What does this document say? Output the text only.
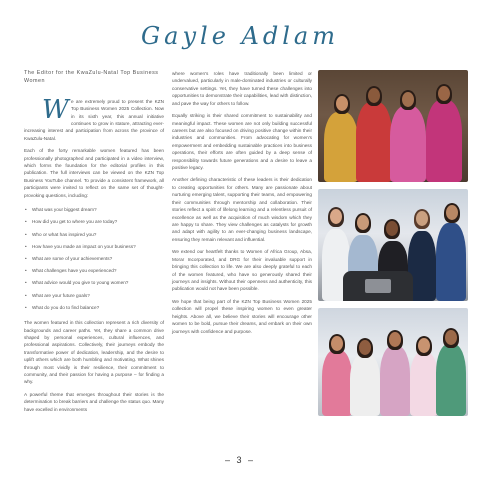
Gayle Adlam
The Editor for the KwaZulu-Natal Top Business Women
W e are extremely proud to present the KZN Top Business Women 2025 Collection. Now in its sixth year, this annual initiative continues to grow in stature, attracting ever-increasing interest and participation from across the province of KwaZulu-Natal.

Each of the forty remarkable women featured has been professionally photographed and participated in a video interview, which forms the foundation for the editorial profiles in this publication. The full interviews can be viewed on the KZN Top Business YouTube channel. To provide a consistent framework, all participants were invited to reflect on the same set of thought-provoking questions, including:

• What was your biggest dream?
• How did you get to where you are today?
• Who or what has inspired you?
• How have you made an impact on your business?
• What are some of your achievements?
• What challenges have you experienced?
• What advice would you give to young women?
• What are your future goals?
• What do you do to find balance?

The women featured in this collection represent a rich diversity of backgrounds and career paths. Yet, they share a common drive shaped by personal experiences, cultural influences, and professional aspirations. Collectively, their journeys embody the transformative power of dedication, leadership, and the desire to uplift others which are both humbling and motivating. What shines through most vividly is their resilience, their commitment to community, and their passion for having a purpose – for finding a why.

A powerful theme that emerges throughout their stories is the determination to break barriers and challenge the status quo. Many have excelled in environments

where women's roles have traditionally been limited or undervalued, particularly in male-dominated industries or culturally conservative settings. Yet, they have turned these challenges into opportunities to demonstrate their capabilities, lead with distinction, and pave the way for others to follow.

Equally striking is their shared commitment to sustainability and meaningful impact. These women are not only building successful careers but are also focused on driving positive change within their industries and communities. From advocating for women's empowerment and embedding sustainable practices into business operations, their efforts are often guided by a deep sense of responsibility towards future generations and a desire to leave a positive legacy.

Another defining characteristic of these leaders is their dedication to creating opportunities for others. Many are passionate about nurturing emerging talent, supporting their teams, and empowering their communities through mentorship and collaboration. Their stories reflect a spirit of lifelong learning and a relentless pursuit of excellence as well as the acquisition of much wisdom which they are happy to share. They view challenges as catalysts for growth and adapt with agility to an ever-changing business landscape, ensuring they remain relevant and influential.

We extend our heartfelt thanks to Women of Africa Group, Absa, Morar Incorporated, and DRG for their invaluable support in bringing this collection to life. We are also deeply grateful to each of the women featured, who have so generously shared their journeys and insights. Without their openness and authenticity, this publication would not have been possible.

We hope that being part of the KZN Top Business Women 2025 collection will propel these inspiring women to even greater heights. Above all, we believe their stories will encourage other women to be bold, pursue their dreams, and embark on their own journeys with confidence and purpose.

– 3 –
